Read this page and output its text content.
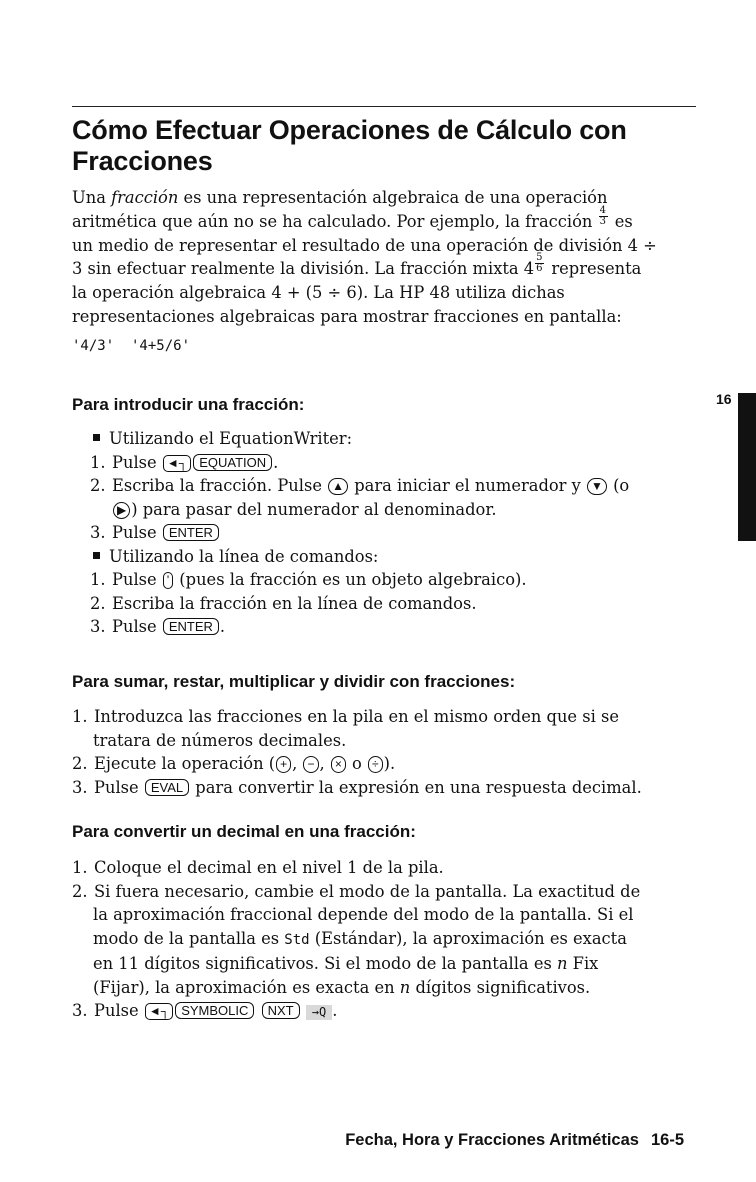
Cómo Efectuar Operaciones de Cálculo con
Fracciones
Una fracción es una representación algebraica de una operación
aritmética que aún no se ha calculado. Por ejemplo, la fracción $\frac{4}{3}$ es
un medio de representar el resultado de una operación de división 4 ÷
3 sin efectuar realmente la división. La fracción mixta $4 \frac{5}{6}$ representa
la operación algebraica 4 + (5 ÷ 6). La HP 48 utiliza dichas
representaciones algebraicas para mostrar fracciones en pantalla:
'4/3'  '4+5/6'
16
Para introducir una fracción:
Utilizando el EquationWriter:
1. Pulse ◄┐ EQUATION .
2. Escriba la fracción. Pulse ▲ para iniciar el numerador y ▼ (o
▶ ) para pasar del numerador al denominador.
3. Pulse ENTER
Utilizando la línea de comandos:
1. Pulse ' (pues la fracción es un objeto algebraico).
2. Escriba la fracción en la línea de comandos.
3. Pulse ENTER .
Para sumar, restar, multiplicar y dividir con fracciones:
1. Introduzca las fracciones en la pila en el mismo orden que si se
tratara de números decimales.
2. Ejecute la operación ( + , − , × o ÷ ).
3. Pulse EVAL para convertir la expresión en una respuesta decimal.
Para convertir un decimal en una fracción:
1. Coloque el decimal en el nivel 1 de la pila.
2. Si fuera necesario, cambie el modo de la pantalla. La exactitud de
la aproximación fraccional depende del modo de la pantalla. Si el
modo de la pantalla es Std (Estándar), la aproximación es exacta
en 11 dígitos significativos. Si el modo de la pantalla es n Fix
(Fijar), la aproximación es exacta en n dígitos significativos.
3. Pulse ◄┐ SYMBOLIC NXT →Q .
Fecha, Hora y Fracciones Aritméticas 16-5
